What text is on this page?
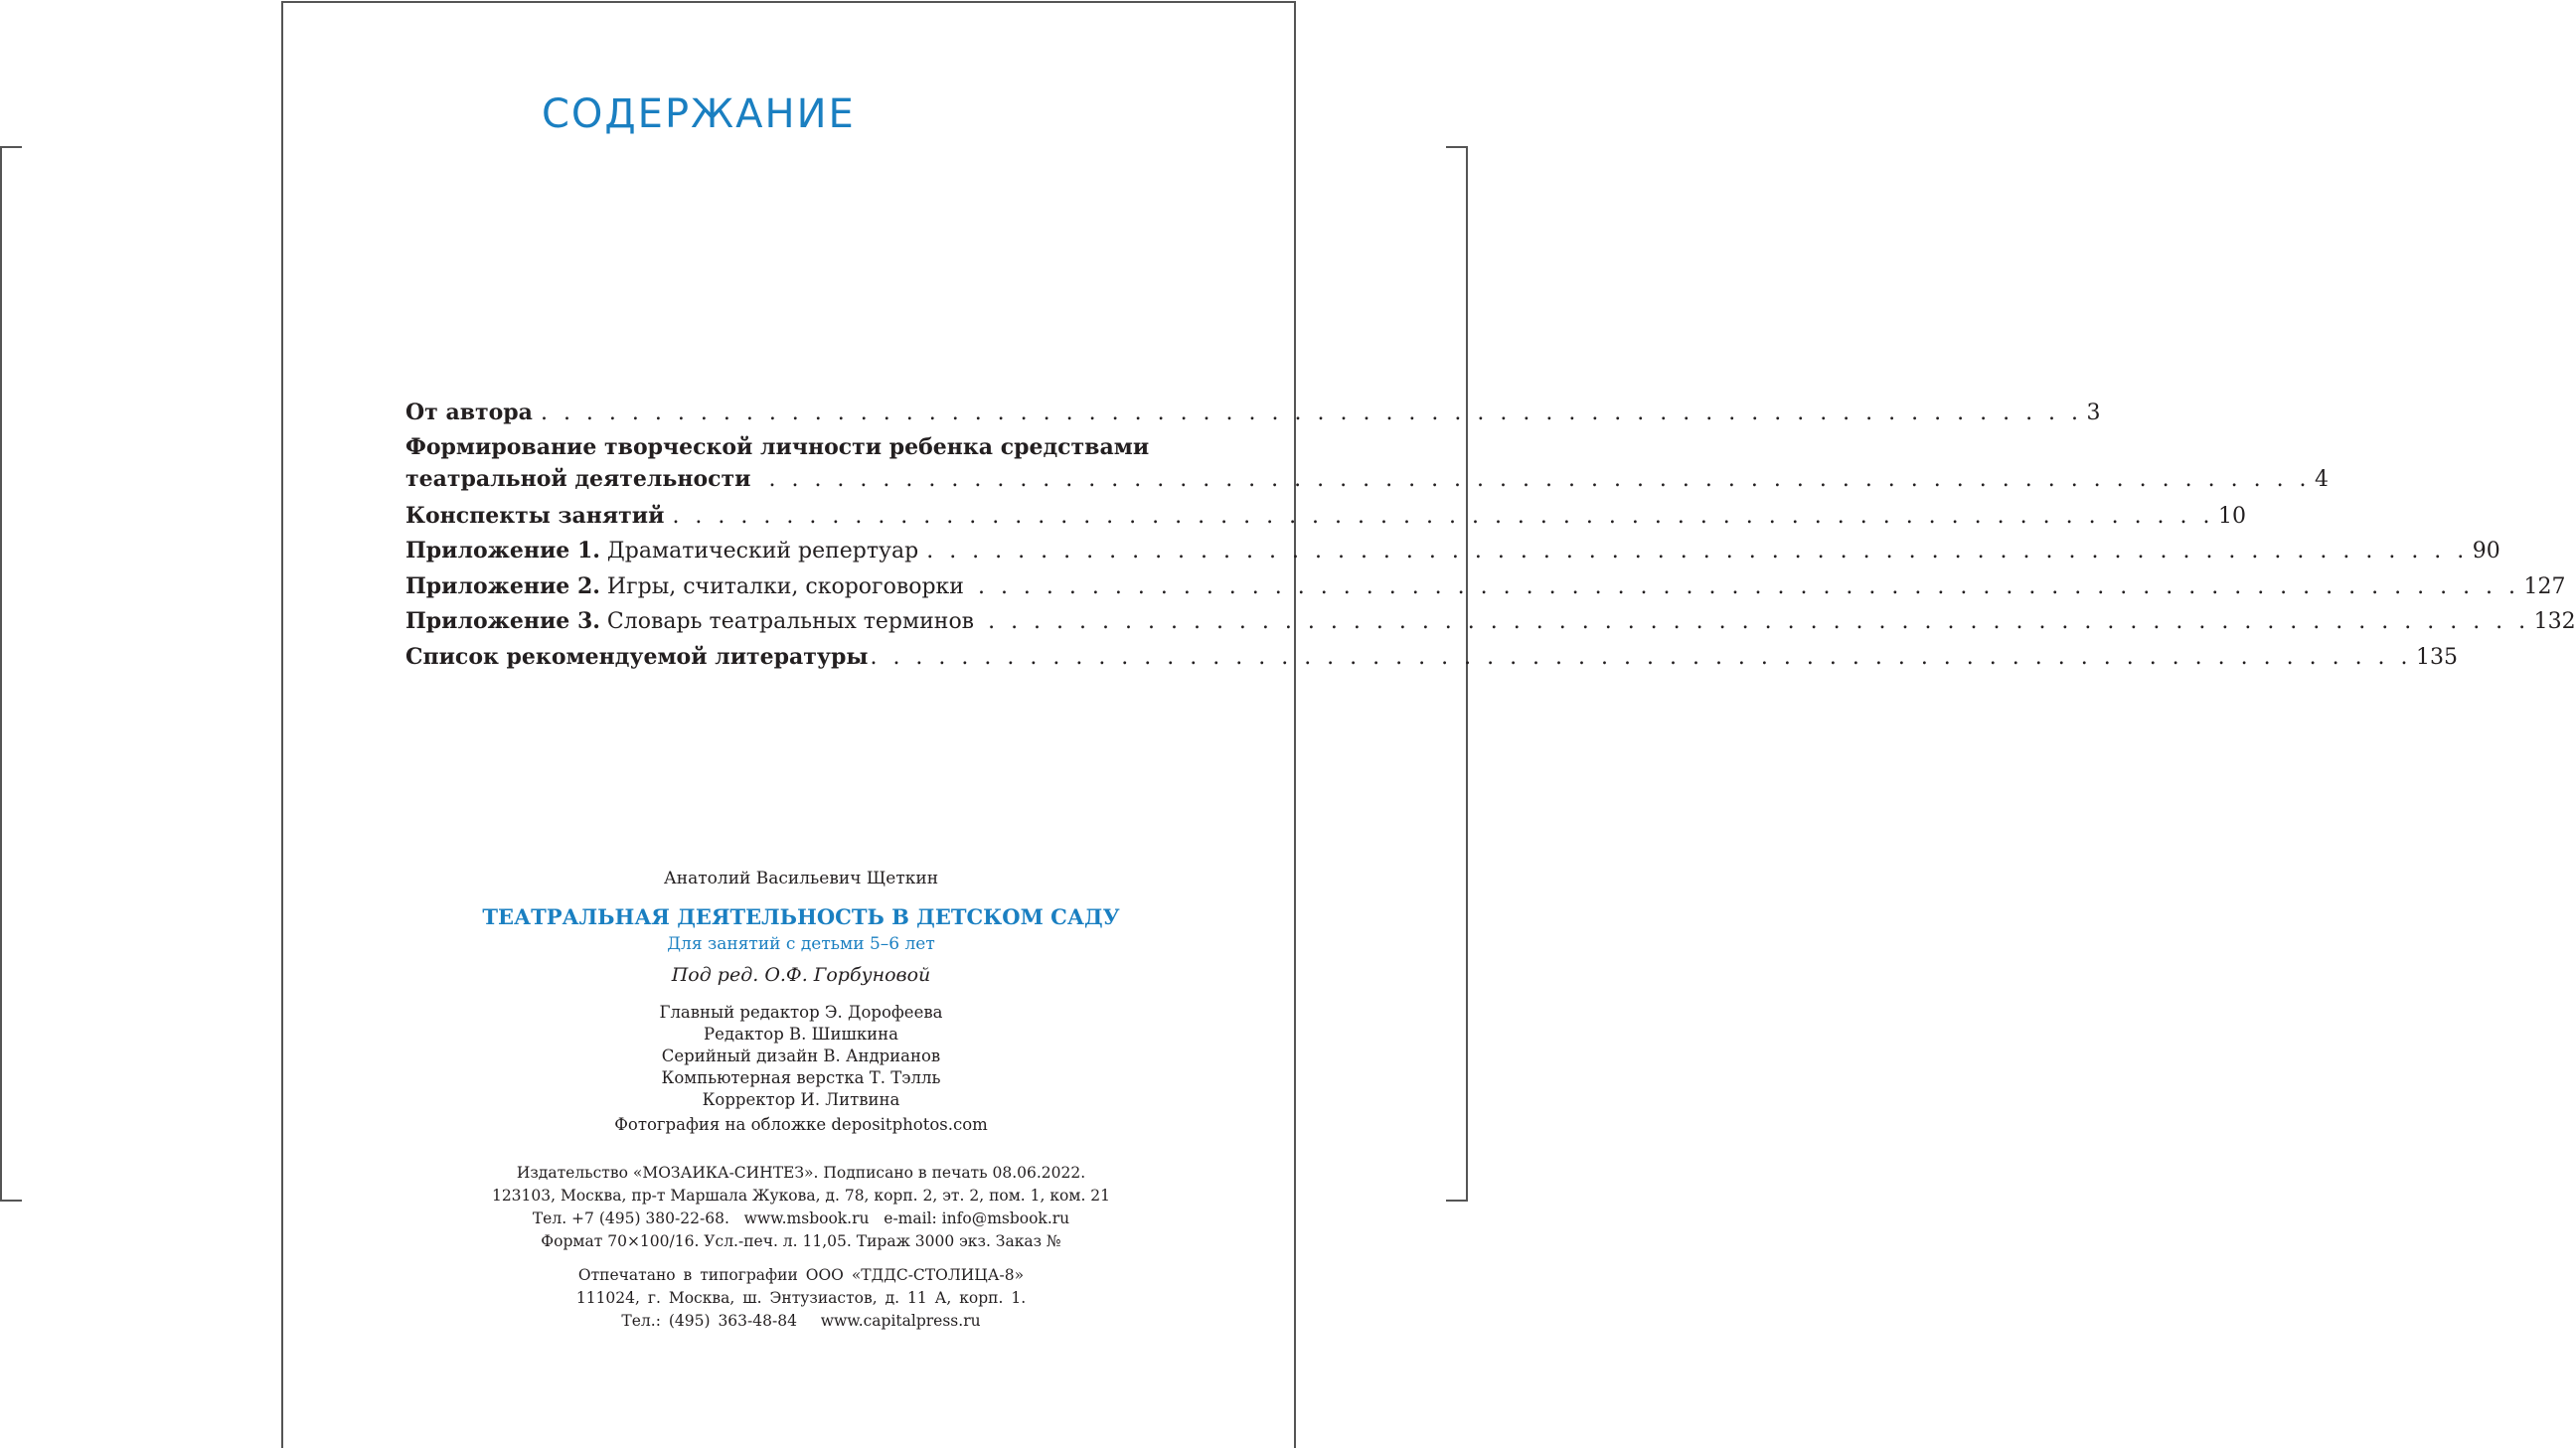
СОДЕРЖАНИЕ
От автора . . . . . . . . . . . . . . . . . . . . . . . . . . . . . . . . . . . . . . . . . . . . . . . . . . . . . . . . . . . . . . . . . . . . 3
Формирование творческой личности ребенка средствами
театральной деятельности . . . . . . . . . . . . . . . . . . . . . . . . . . . . . . . . . . . . . . . . . . . . . . . . . . . . . . . . . . . . . . . . . . . . 4
Конспекты занятий . . . . . . . . . . . . . . . . . . . . . . . . . . . . . . . . . . . . . . . . . . . . . . . . . . . . . . . . . . . . . . . . . . . . 10
Приложение 1. Драматический репертуар . . . . . . . . . . . . . . . . . . . . . . . . . . . . . . . . . . . . . . . . . . . . . . . . . . . . . . . . . . . . . . . . . . . . 90
Приложение 2. Игры, считалки, скороговорки . . . . . . . . . . . . . . . . . . . . . . . . . . . . . . . . . . . . . . . . . . . . . . . . . . . . . . . . . . . . . . . . . . . . 127
Приложение 3. Словарь театральных терминов . . . . . . . . . . . . . . . . . . . . . . . . . . . . . . . . . . . . . . . . . . . . . . . . . . . . . . . . . . . . . . . . . . . . 132
Список рекомендуемой литературы . . . . . . . . . . . . . . . . . . . . . . . . . . . . . . . . . . . . . . . . . . . . . . . . . . . . . . . . . . . . . . . . . . . . 135
Анатолий Васильевич Щеткин
ТЕАТРАЛЬНАЯ ДЕЯТЕЛЬНОСТЬ В ДЕТСКОМ САДУ
Для занятий с детьми 5–6 лет
Под ред. О.Ф. Горбуновой
Главный редактор Э. Дорофеева
Редактор В. Шишкина
Серийный дизайн В. Андрианов
Компьютерная верстка Т. Тэлль
Корректор И. Литвина
Фотография на обложке depositphotos.com
Издательство «МОЗАИКА-СИНТЕЗ». Подписано в печать 08.06.2022.
123103, Москва, пр-т Маршала Жукова, д. 78, корп. 2, эт. 2, пом. 1, ком. 21
Тел. +7 (495) 380-22-68.   www.msbook.ru   e-mail: info@msbook.ru
Формат 70×100/16. Усл.-печ. л. 11,05. Тираж 3000 экз. Заказ №
Отпечатано в типографии ООО «ТДДС-СТОЛИЦА-8»
111024, г. Москва, ш. Энтузиастов, д. 11 А, корп. 1.
Тел.: (495) 363-48-84   www.capitalpress.ru
